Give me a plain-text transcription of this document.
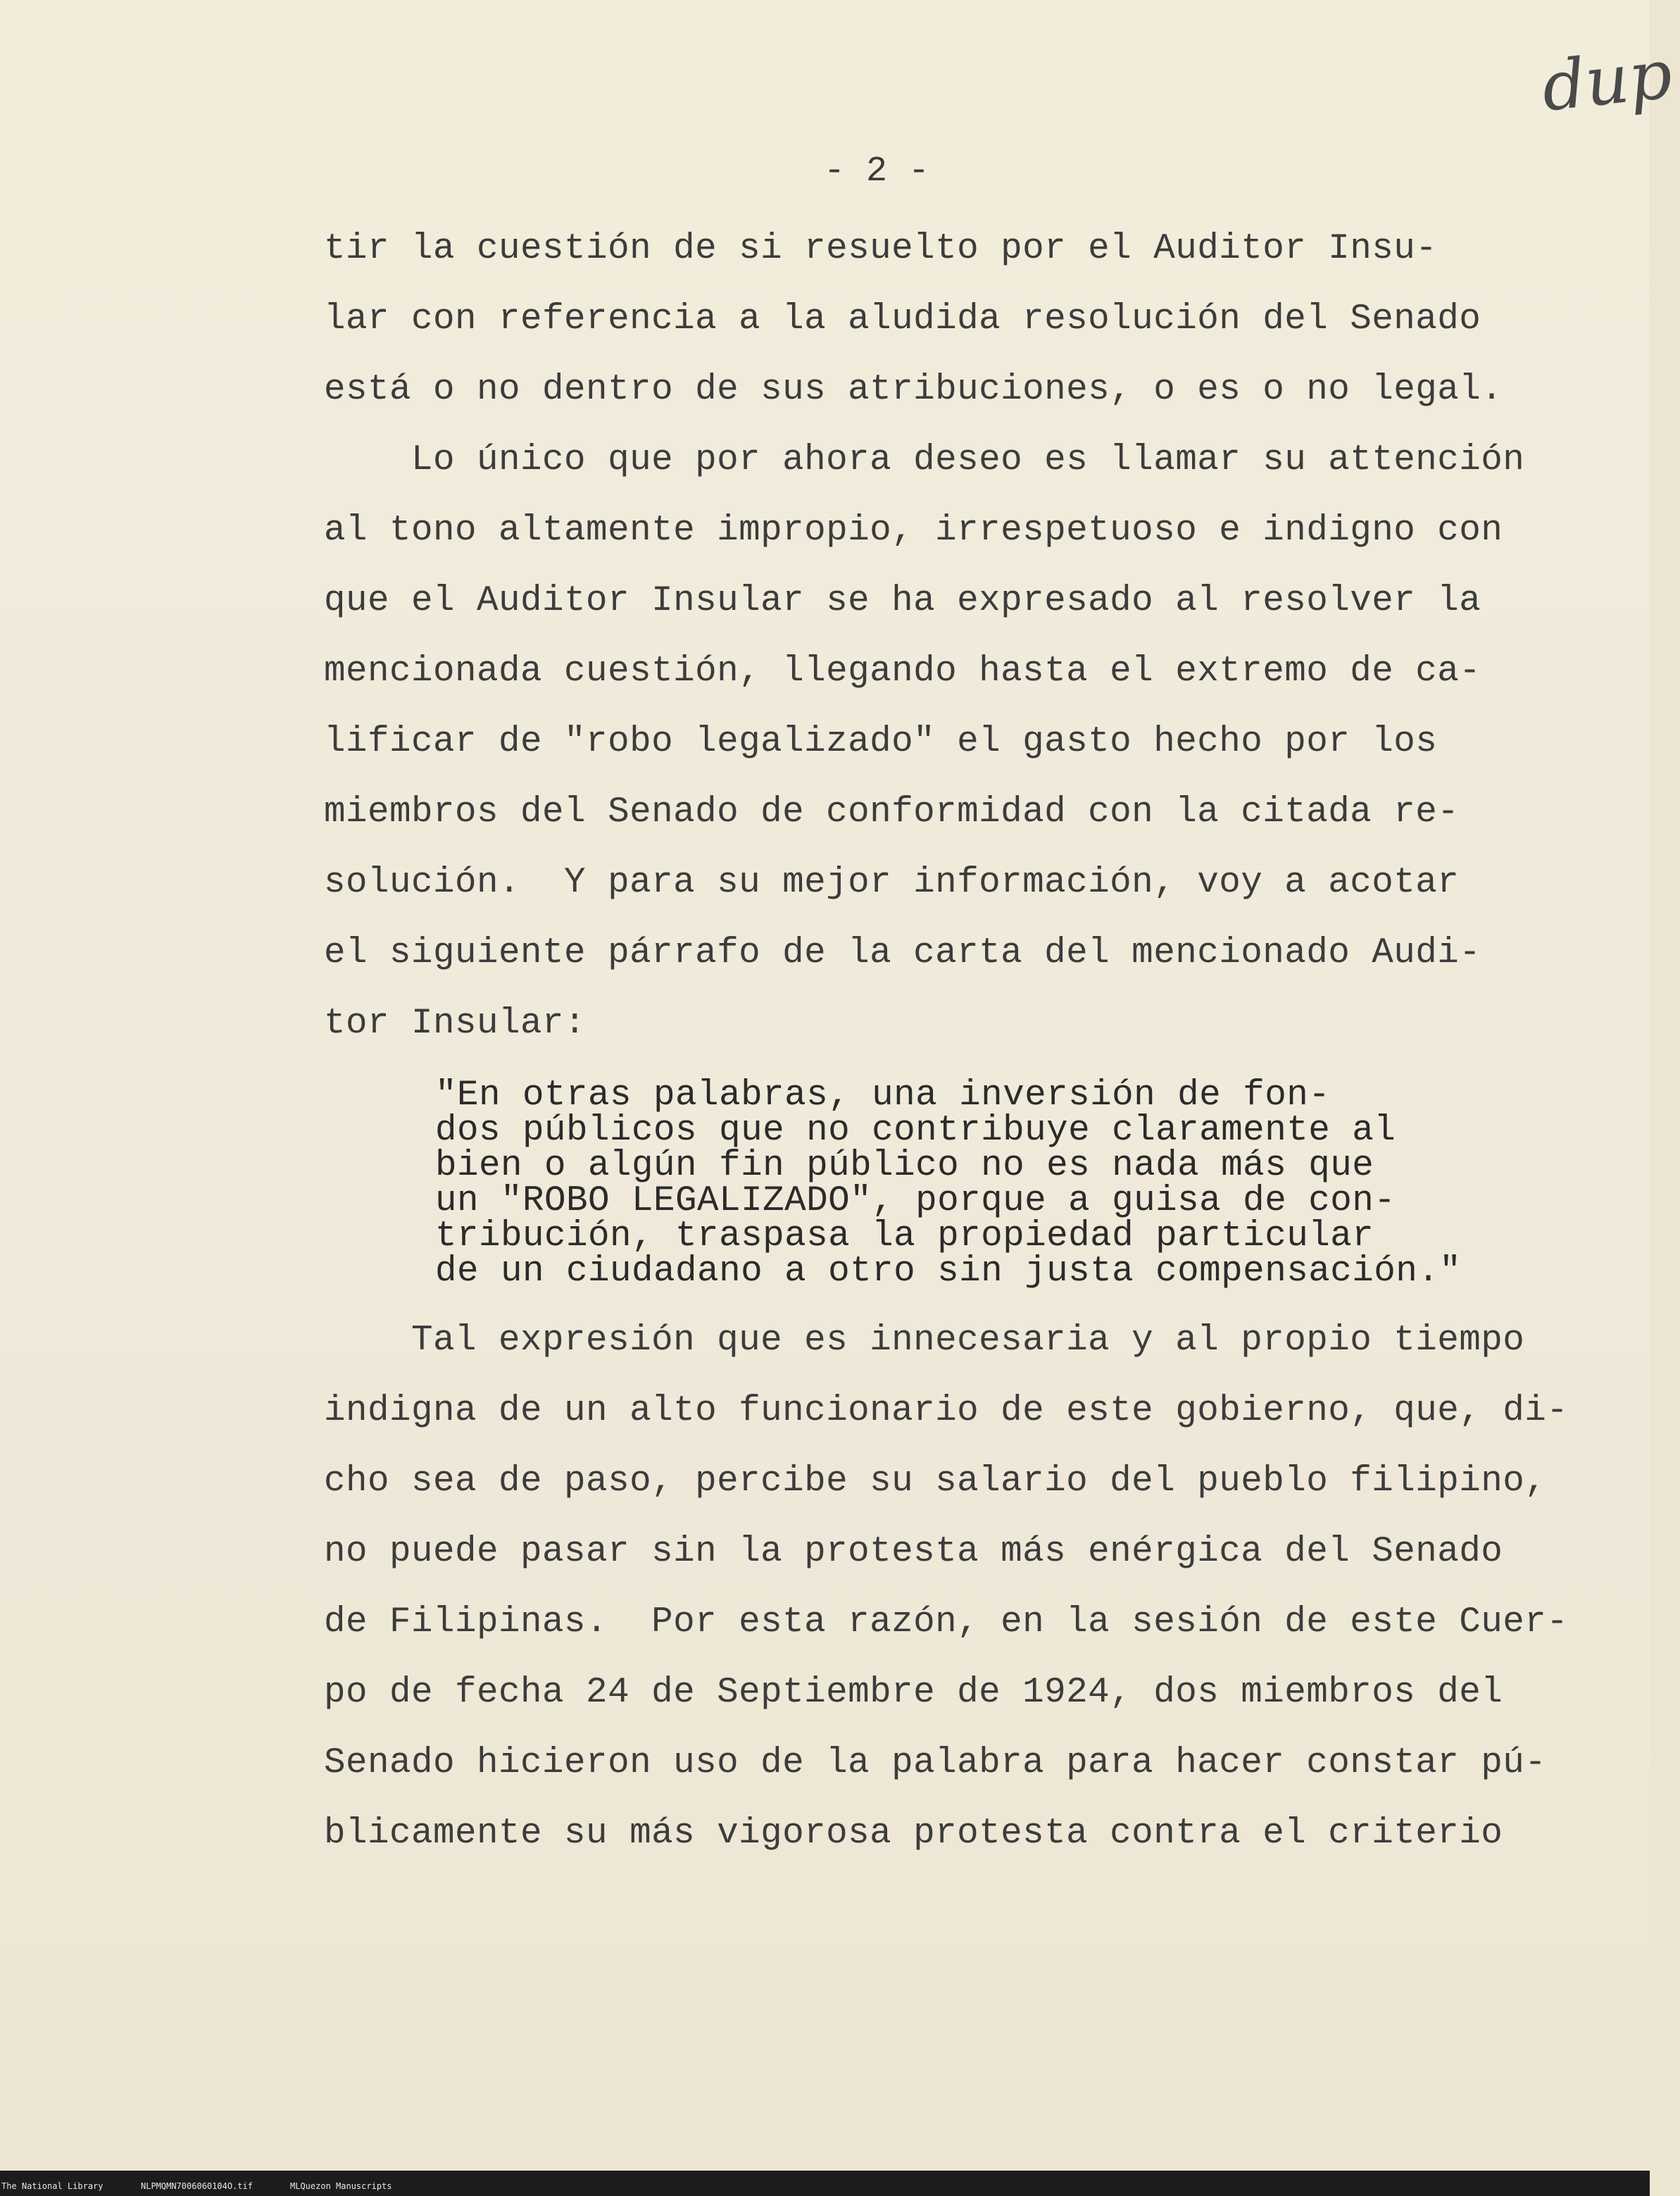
dup
- 2 -
tir la cuestión de si resuelto por el Auditor Insu-
lar con referencia a la aludida resolución del Senado
está o no dentro de sus atribuciones, o es o no legal.
Lo único que por ahora deseo es llamar su attención
al tono altamente impropio, irrespetuoso e indigno con
que el Auditor Insular se ha expresado al resolver la
mencionada cuestión, llegando hasta el extremo de ca-
lificar de "robo legalizado" el gasto hecho por los
miembros del Senado de conformidad con la citada re-
solución.  Y para su mejor información, voy a acotar
el siguiente párrafo de la carta del mencionado Audi-
tor Insular:
"En otras palabras, una inversión de fon-
dos públicos que no contribuye claramente al
bien o algún fin público no es nada más que
un "ROBO LEGALIZADO", porque a guisa de con-
tribución, traspasa la propiedad particular
de un ciudadano a otro sin justa compensación."
Tal expresión que es innecesaria y al propio tiempo
indigna de un alto funcionario de este gobierno, que, di-
cho sea de paso, percibe su salario del pueblo filipino,
no puede pasar sin la protesta más enérgica del Senado
de Filipinas.  Por esta razón, en la sesión de este Cuer-
po de fecha 24 de Septiembre de 1924, dos miembros del
Senado hicieron uso de la palabra para hacer constar pú-
blicamente su más vigorosa protesta contra el criterio
The National Library	NLPMQMN7006060104O.tif	MLQuezon Manuscripts
